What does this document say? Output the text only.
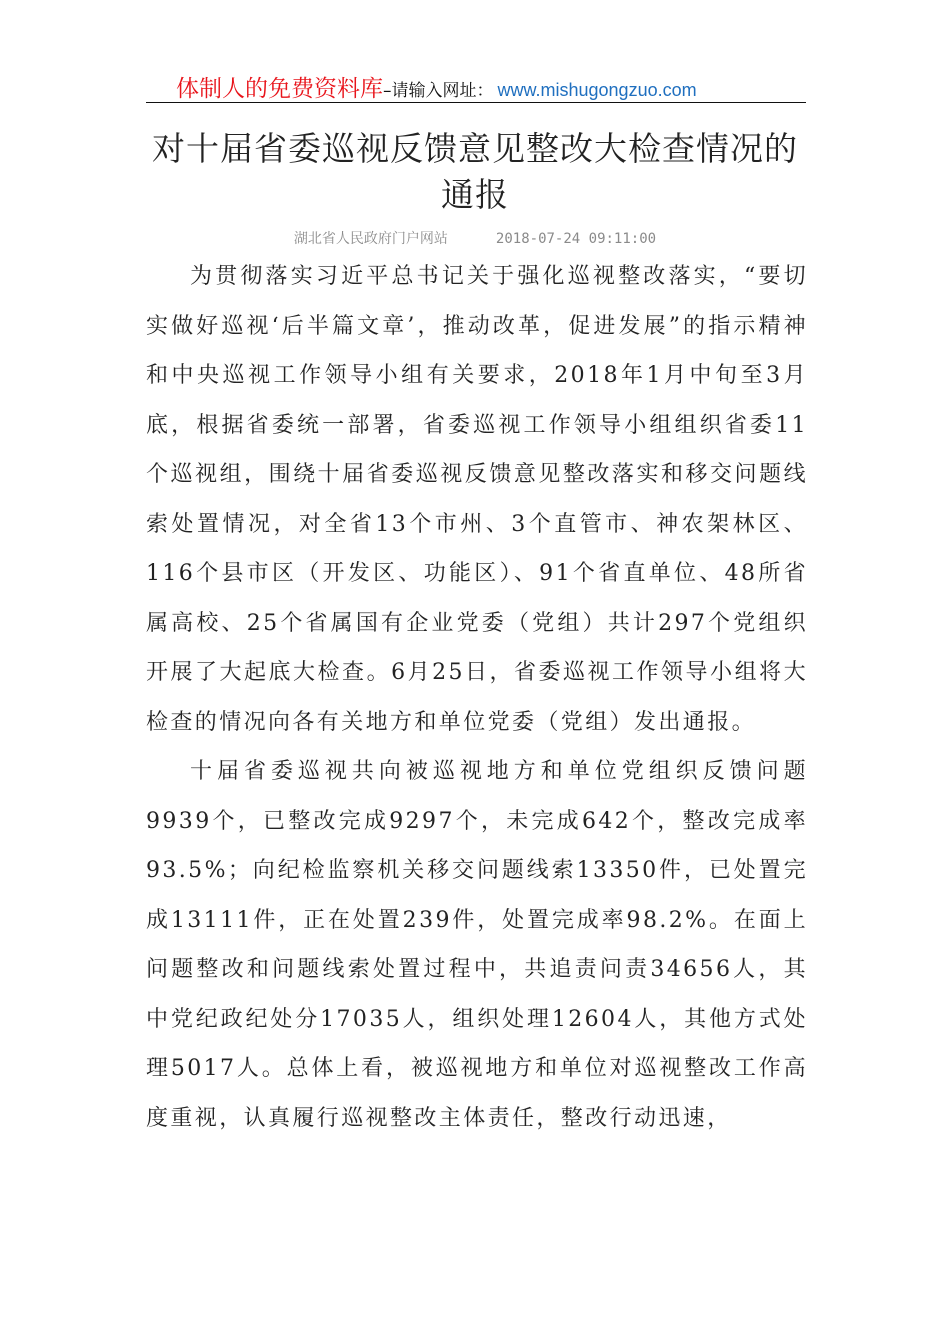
体制人的免费资料库–请输入网址： www.mishugongzuo.com
对十届省委巡视反馈意见整改大检查情况的通报
湖北省人民政府门户网站	2018-07-24 09:11:00

为贯彻落实习近平总书记关于强化巡视整改落实，“要切实做好巡视‘后半篇文章’，推动改革，促进发展”的指示精神和中央巡视工作领导小组有关要求，2018年1月中旬至3月底，根据省委统一部署，省委巡视工作领导小组组织省委11个巡视组，围绕十届省委巡视反馈意见整改落实和移交问题线索处置情况，对全省13个市州、3个直管市、神农架林区、116个县市区（开发区、功能区）、91个省直单位、48所省属高校、25个省属国有企业党委（党组）共计297个党组织开展了大起底大检查。6月25日，省委巡视工作领导小组将大检查的情况向各有关地方和单位党委（党组）发出通报。

十届省委巡视共向被巡视地方和单位党组织反馈问题9939个，已整改完成9297个，未完成642个，整改完成率93.5%；向纪检监察机关移交问题线索13350件，已处置完成13111件，正在处置239件，处置完成率98.2%。在面上问题整改和问题线索处置过程中，共追责问责34656人，其中党纪政纪处分17035人，组织处理12604人，其他方式处理5017人。总体上看，被巡视地方和单位对巡视整改工作高度重视，认真履行巡视整改主体责任，整改行动迅速，
